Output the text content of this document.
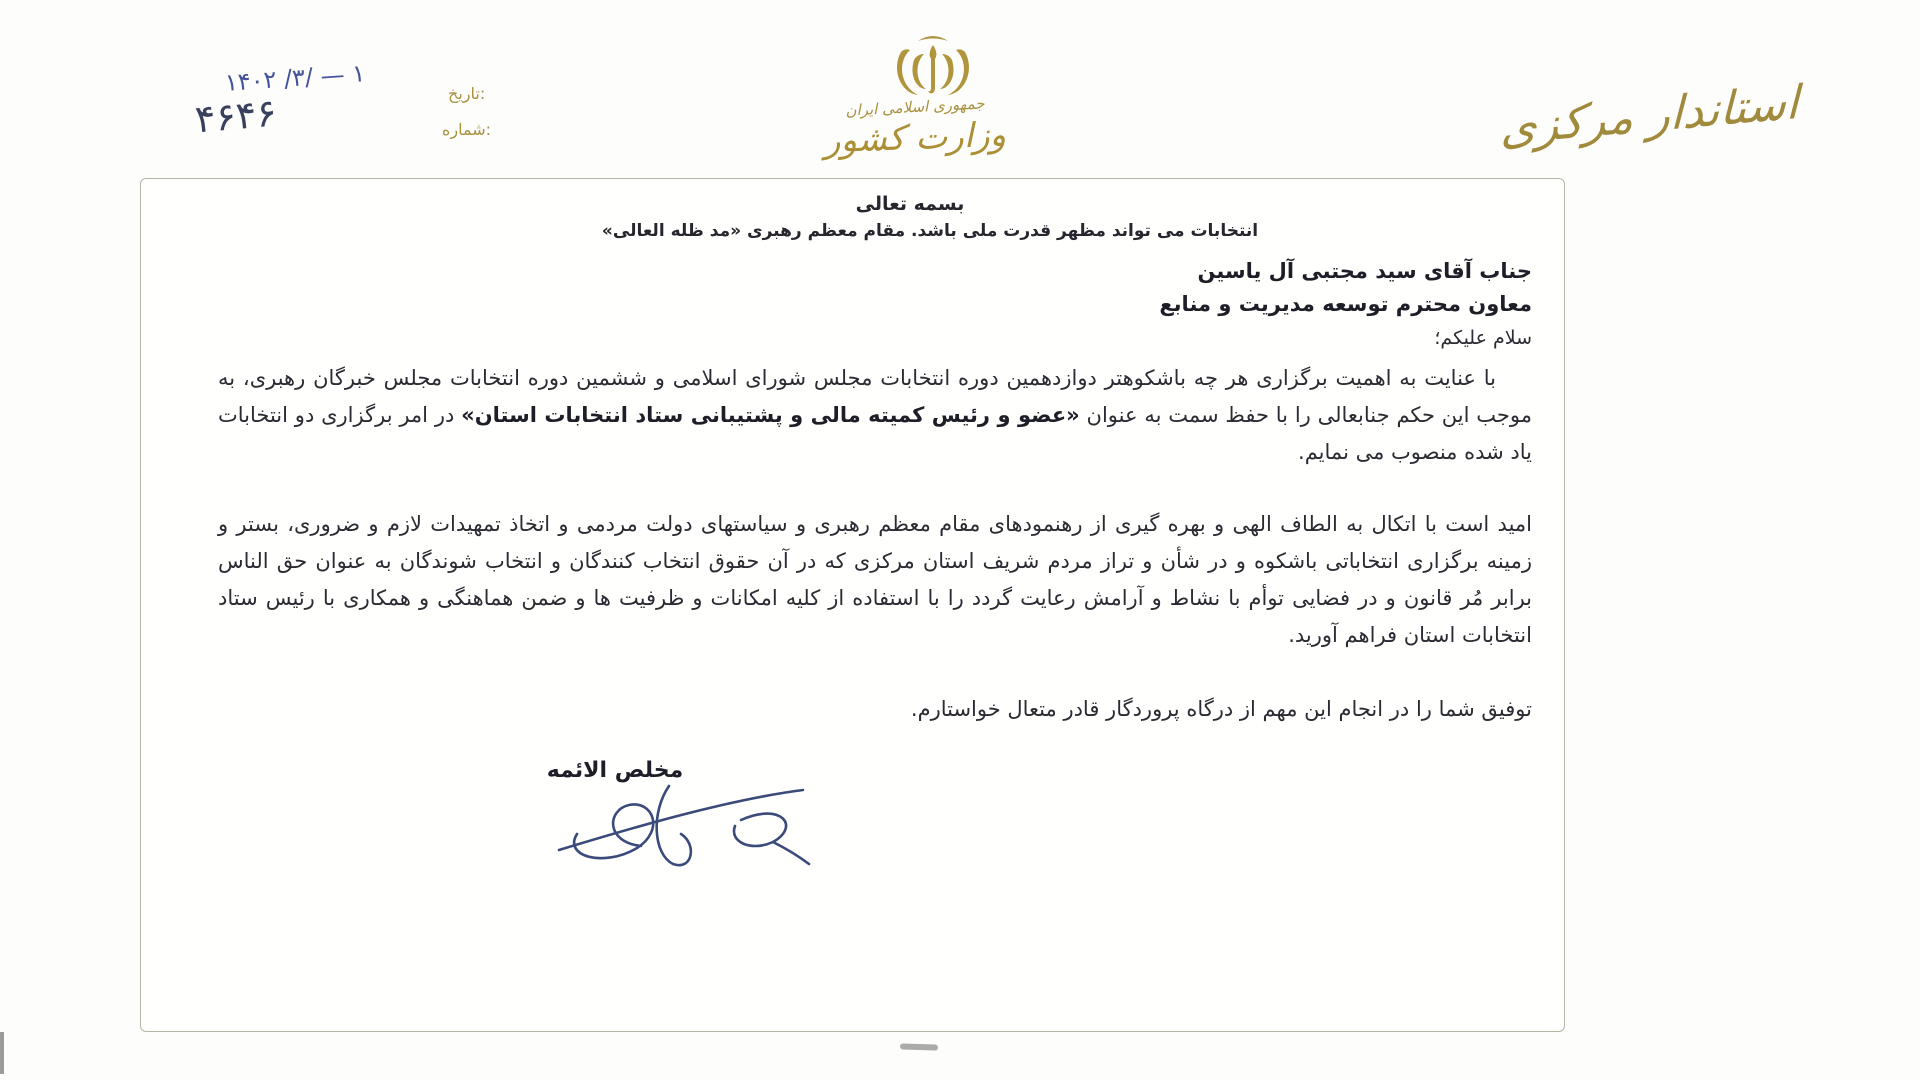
تاریخ:
۱۴۰۲ /۳/ — ۱
شماره:
۴۶۴۶	جمهوری اسلامی ایران
وزارت کشور	استاندار مرکزی
بسمه تعالی
انتخابات می تواند مظهر قدرت ملی باشد. مقام معظم رهبری «مد ظله العالی»
جناب آقای سید مجتبی آل یاسین
معاون محترم توسعه مدیریت و منابع
سلام علیکم؛
با عنایت به اهمیت برگزاری هر چه باشکوهتر دوازدهمین دوره انتخابات مجلس شورای اسلامی و ششمین دوره انتخابات مجلس خبرگان رهبری، به موجب این حکم جنابعالی را با حفظ سمت به عنوان «عضو و رئیس کمیته مالی و پشتیبانی ستاد انتخابات استان» در امر برگزاری دو انتخابات یاد شده منصوب می نمایم.
امید است با اتکال به الطاف الهی و بهره گیری از رهنمودهای مقام معظم رهبری و سیاستهای دولت مردمی و اتخاذ تمهیدات لازم و ضروری، بستر و زمینه برگزاری انتخاباتی باشکوه و در شأن و تراز مردم شریف استان مرکزی که در آن حقوق انتخاب کنندگان و انتخاب شوندگان به عنوان حق الناس برابر مُر قانون و در فضایی توأم با نشاط و آرامش رعایت گردد را با استفاده از کلیه امکانات و ظرفیت ها و ضمن هماهنگی و همکاری با رئیس ستاد انتخابات استان فراهم آورید.
توفیق شما را در انجام این مهم از درگاه پروردگار قادر متعال خواستارم.
مخلص الائمه
